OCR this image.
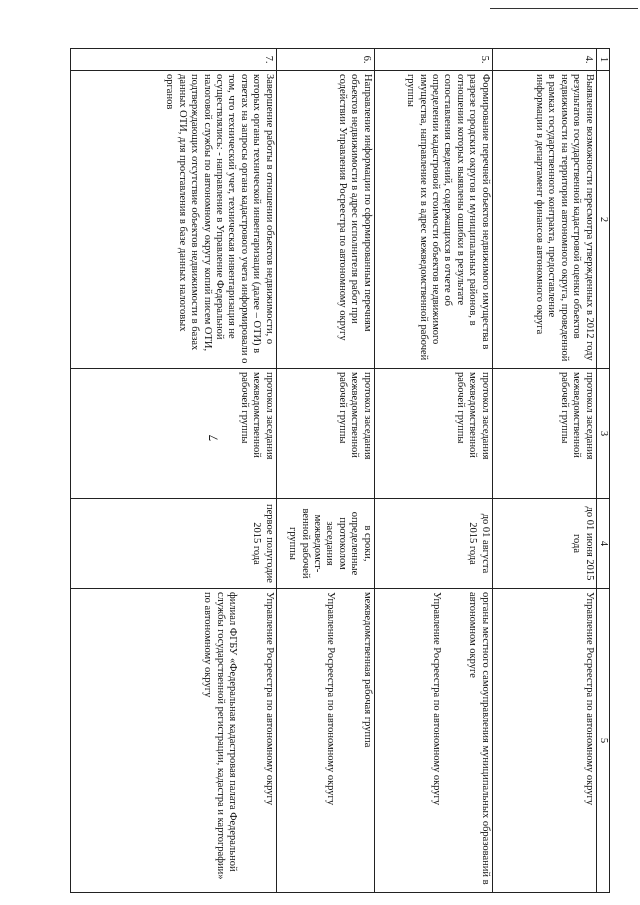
7
1	2	3	4	5
4.	Выявление возможности пересмотра утвержденных в 2012 году результатов государственной кадастровой оценки объектов недвижимости на территории автономного округа, проведенной в рамках государственного контракта, предоставление информации в департамент финансов автономного округа	протокол заседания межведомственной рабочей группы	до 01 июня 2015 года	Управление Росреестра по автономному округу

5.	Формирование перечней объектов недвижимого имущества в разрезе городских округов и муниципальных районов, в отношении которых выявлены ошибки в результате сопоставления сведений, содержащихся в отчете об определении кадастровой стоимости объектов недвижимого имущества, направление их в адрес межведомственной рабочей группы	протокол заседания межведомственной рабочей группы	до 01 августа 2015 года	органы местного самоуправления муниципальных образований в автономном округе
Управление Росреестра по автономному округу

6.	Направление информации по сформированным перечням объектов недвижимости в адрес исполнителя работ при содействии Управления Росреестра по автономному округу	протокол заседания межведомственной рабочей группы	в сроки, определенные протоколом заседания межведомст-венной рабочей группы	межведомственная рабочая группа
Управление Росреестра по автономному округу

7.	Завершение работы в отношении объектов недвижимости, о которых органы технической инвентаризации (далее – ОТИ) в ответах на запросы органа кадастрового учета информировали о том, что технический учет, техническая инвентаризация не осуществлялись: - направление в Управление Федеральной налоговой службы по автономному округу копий писем ОТИ, подтверждающих отсутствие объектов недвижимости в базах данных ОТИ, для проставления в базе данных налоговых органов	протокол заседания межведомственной рабочей группы	первое полугодие 2015 года	Управление Росреестра по автономному округу
филиал ФГБУ «Федеральная кадастровая палата Федеральной службы государственной регистрации, кадастра и картографии» по автономному округу
